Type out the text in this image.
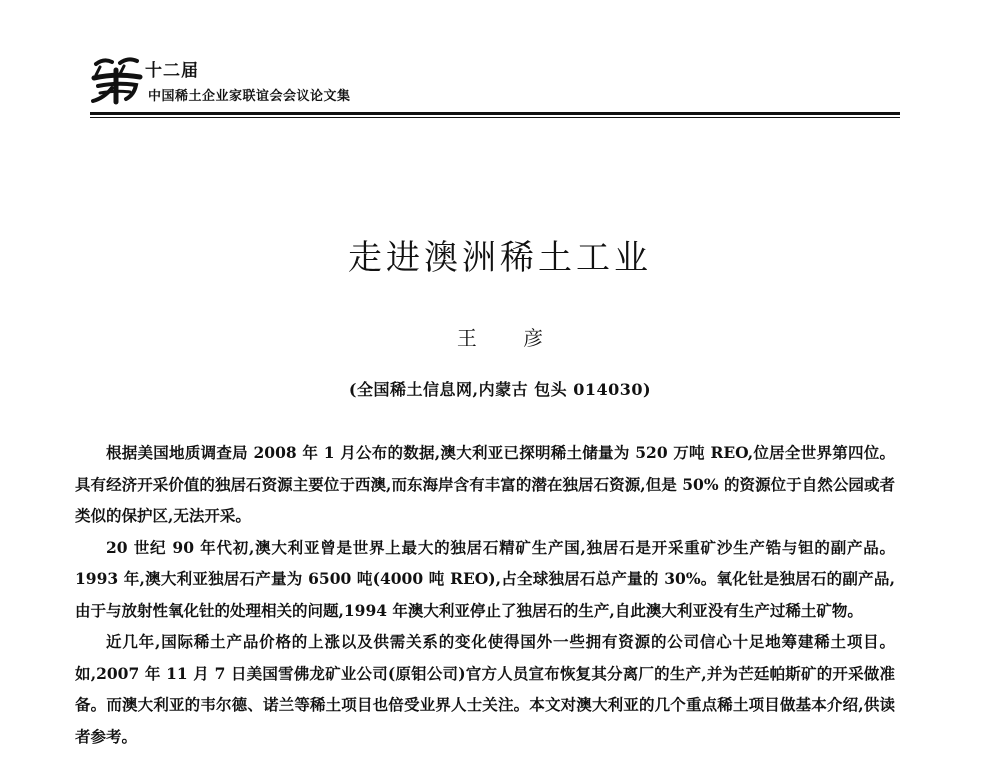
十二届
中国稀土企业家联谊会会议论文集
走进澳洲稀土工业
王 彦
(全国稀土信息网,内蒙古 包头 014030)

根据美国地质调查局 2008 年 1 月公布的数据,澳大利亚已探明稀土储量为 520 万吨 REO,位居全世界第四位。具有经济开采价值的独居石资源主要位于西澳,而东海岸含有丰富的潜在独居石资源,但是 50% 的资源位于自然公园或者类似的保护区,无法开采。

20 世纪 90 年代初,澳大利亚曾是世界上最大的独居石精矿生产国,独居石是开采重矿沙生产锆与钽的副产品。1993 年,澳大利亚独居石产量为 6500 吨(4000 吨 REO),占全球独居石总产量的 30%。氧化钍是独居石的副产品,由于与放射性氧化钍的处理相关的问题,1994 年澳大利亚停止了独居石的生产,自此澳大利亚没有生产过稀土矿物。

近几年,国际稀土产品价格的上涨以及供需关系的变化使得国外一些拥有资源的公司信心十足地筹建稀土项目。如,2007 年 11 月 7 日美国雪佛龙矿业公司(原钼公司)官方人员宣布恢复其分离厂的生产,并为芒廷帕斯矿的开采做准备。而澳大利亚的韦尔德、诺兰等稀土项目也倍受业界人士关注。本文对澳大利亚的几个重点稀土项目做基本介绍,供读者参考。
